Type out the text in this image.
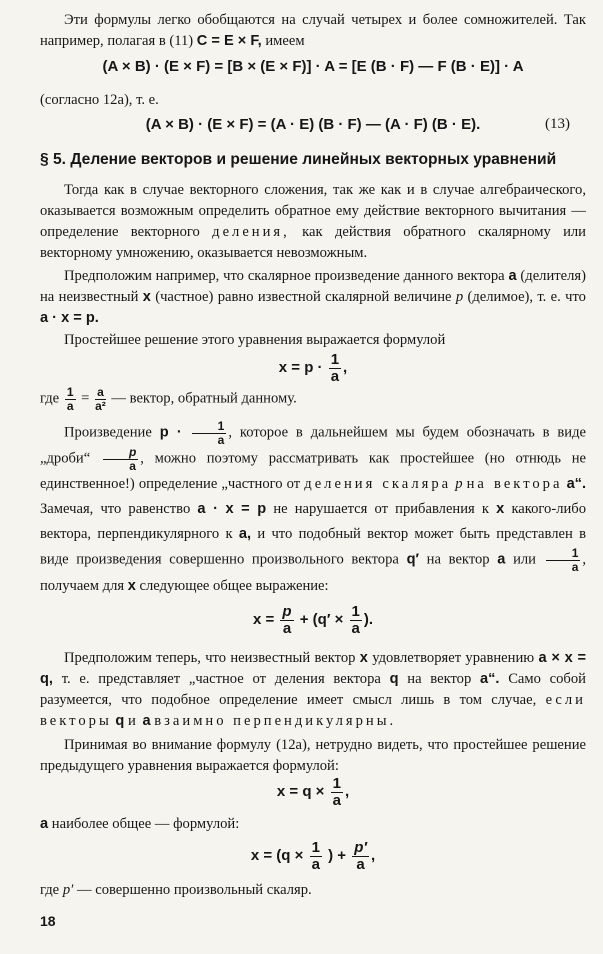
Эти формулы легко обобщаются на случай четырех и более сомножителей. Так например, полагая в (11) C = E × F, имеем

(A × B) · (E × F) = [B × (E × F)] · A = [E (B · F) — F (B · E)] · A

(согласно 12a), т. е.

(A × B) · (E × F) = (A · E) (B · F) — (A · F) (B · E).	(13)
§ 5. Деление векторов и решение линейных векторных уравнений

Тогда как в случае векторного сложения, так же как и в случае алгебраического, оказывается возможным определить обратное ему действие векторного вычитания — определение векторного деления, как действия обратного скалярному или векторному умножению, оказывается невозможным.

Предположим например, что скалярное произведение данного вектора a (делителя) на неизвестный x (частное) равно известной скалярной величине p (делимое), т. е. что a · x = p.

Простейшее решение этого уравнения выражается формулой

$x = p \cdot \frac{1}{a}$ ,

где $\frac{1}{a} = \frac{a}{\text{a²}}$ — вектор, обратный данному.

Произведение $p \cdot \frac{1}{a}$ , которое в дальнейшем мы будем обозначать в виде „дроби“ $\frac{p}{a}$ , можно поэтому рассматривать как простейшее (но отнюдь не единственное!) определение „частного от деления скаляра p на вектора a“. Замечая, что равенство a · x = p не нарушается от прибавления к x какого-либо вектора, перпендикулярного к a, и что подобный вектор может быть представлен в виде произведения совершенно произвольного вектора q′ на вектор a или $\frac{1}{a}$ , получаем для x следующее общее выражение:

$x = \frac{p}{a} + (q' \times \frac{1}{a}$ ).

Предположим теперь, что неизвестный вектор x удовлетворяет уравнению a × x = q, т. е. представляет „частное от деления вектора q на вектор a“. Само собой разумеется, что подобное определение имеет смысл лишь в том случае, если векторы q и a взаимно перпендикулярны.

Принимая во внимание формулу (12a), нетрудно видеть, что простейшее решение предыдущего уравнения выражается формулой:

$x = q \times \frac{1}{a}$ ,

a наиболее общее — формулой:

$x = (q \times \frac{1}{a}$ ) + $\frac{p'}{a}$ ,

где p′ — совершенно произвольный скаляр.

18
